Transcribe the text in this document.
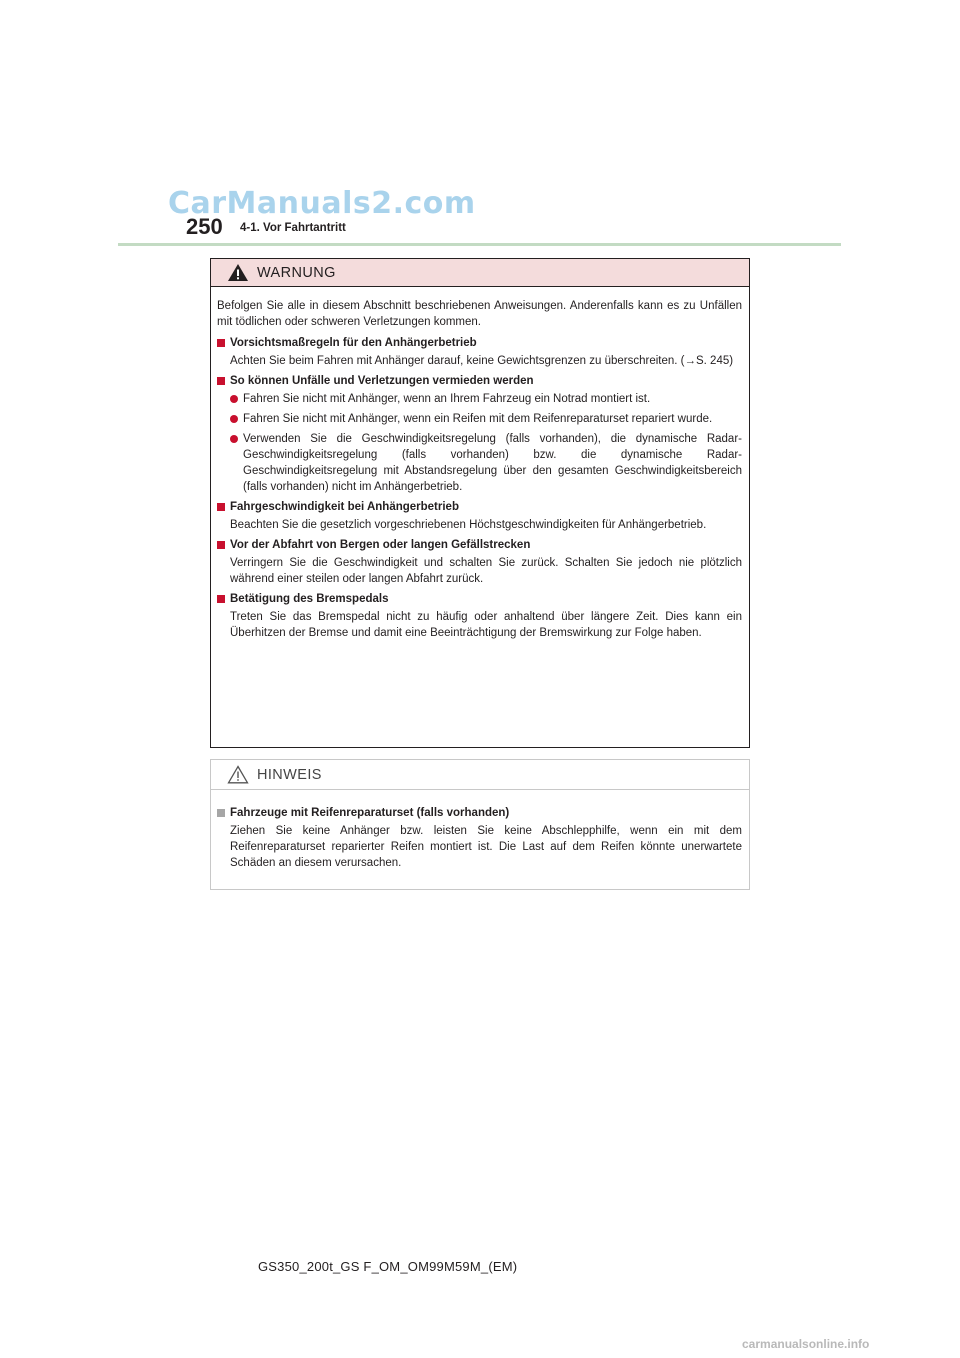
CarManuals2.com
250 4-1. Vor Fahrtantritt
WARNUNG

Befolgen Sie alle in diesem Abschnitt beschriebenen Anweisungen. Anderenfalls kann es zu Unfällen mit tödlichen oder schweren Verletzungen kommen.

Vorsichtsmaßregeln für den Anhängerbetrieb

Achten Sie beim Fahren mit Anhänger darauf, keine Gewichtsgrenzen zu überschreiten. (→S. 245)

So können Unfälle und Verletzungen vermieden werden
Fahren Sie nicht mit Anhänger, wenn an Ihrem Fahrzeug ein Notrad montiert ist.
Fahren Sie nicht mit Anhänger, wenn ein Reifen mit dem Reifenreparaturset repariert wurde.
Verwenden Sie die Geschwindigkeitsregelung (falls vorhanden), die dynamische Radar-Geschwindigkeitsregelung (falls vorhanden) bzw. die dynamische Radar-Geschwindigkeitsregelung mit Abstandsregelung über den gesamten Geschwindigkeitsbereich (falls vorhanden) nicht im Anhängerbetrieb.
Fahrgeschwindigkeit bei Anhängerbetrieb

Beachten Sie die gesetzlich vorgeschriebenen Höchstgeschwindigkeiten für Anhängerbetrieb.

Vor der Abfahrt von Bergen oder langen Gefällstrecken

Verringern Sie die Geschwindigkeit und schalten Sie zurück. Schalten Sie jedoch nie plötzlich während einer steilen oder langen Abfahrt zurück.

Betätigung des Bremspedals

Treten Sie das Bremspedal nicht zu häufig oder anhaltend über längere Zeit. Dies kann ein Überhitzen der Bremse und damit eine Beeinträchtigung der Bremswirkung zur Folge haben.

HINWEIS
Fahrzeuge mit Reifenreparaturset (falls vorhanden)

Ziehen Sie keine Anhänger bzw. leisten Sie keine Abschlepphilfe, wenn ein mit dem Reifenreparaturset reparierter Reifen montiert ist. Die Last auf dem Reifen könnte unerwartete Schäden an diesem verursachen.

GS350_200t_GS F_OM_OM99M59M_(EM)
carmanualsonline.info
